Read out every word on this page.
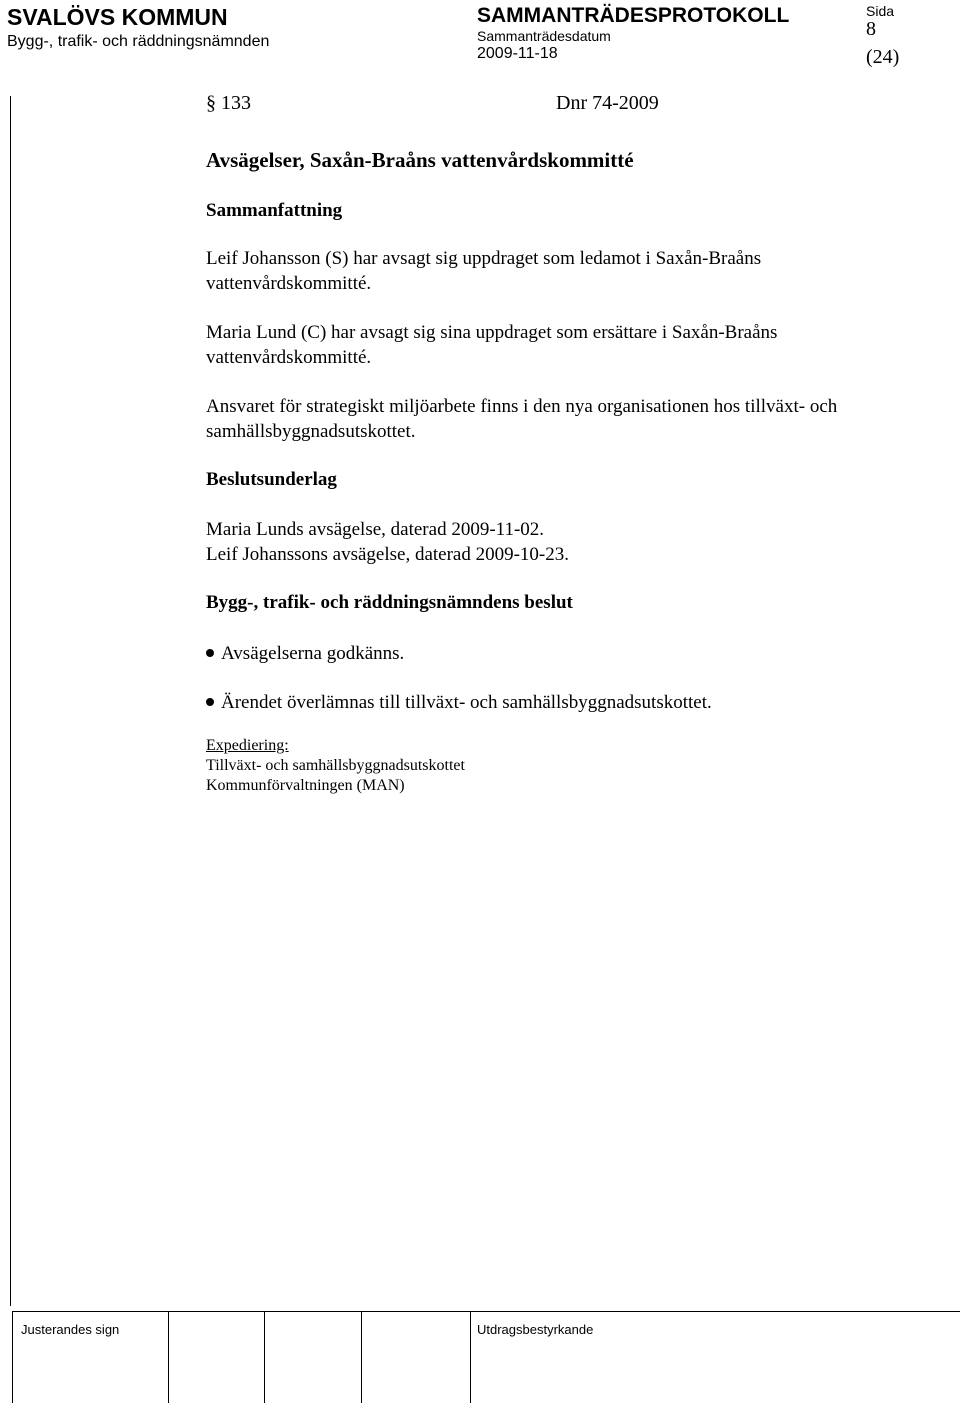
SVALÖVS KOMMUN
Bygg-, trafik- och räddningsnämnden
SAMMANTRÄDESPROTOKOLL
Sammanträdesdatum
2009-11-18
Sida
8
(24)
§ 133	Dnr 74-2009
Avsägelser, Saxån-Braåns vattenvårdskommitté
Sammanfattning
Leif Johansson (S) har avsagt sig uppdraget som ledamot i Saxån-Braåns
vattenvårdskommitté.
Maria Lund (C) har avsagt sig sina uppdraget som ersättare i Saxån-Braåns
vattenvårdskommitté.
Ansvaret för strategiskt miljöarbete finns i den nya organisationen hos tillväxt- och
samhällsbyggnadsutskottet.
Beslutsunderlag
Maria Lunds avsägelse, daterad 2009-11-02.
Leif Johanssons avsägelse, daterad 2009-10-23.
Bygg-, trafik- och räddningsnämndens beslut
Avsägelserna godkänns.
Ärendet överlämnas till tillväxt- och samhällsbyggnadsutskottet.
Expediering:
Tillväxt- och samhällsbyggnadsutskottet
Kommunförvaltningen (MAN)
Justerandes sign	Utdragsbestyrkande
